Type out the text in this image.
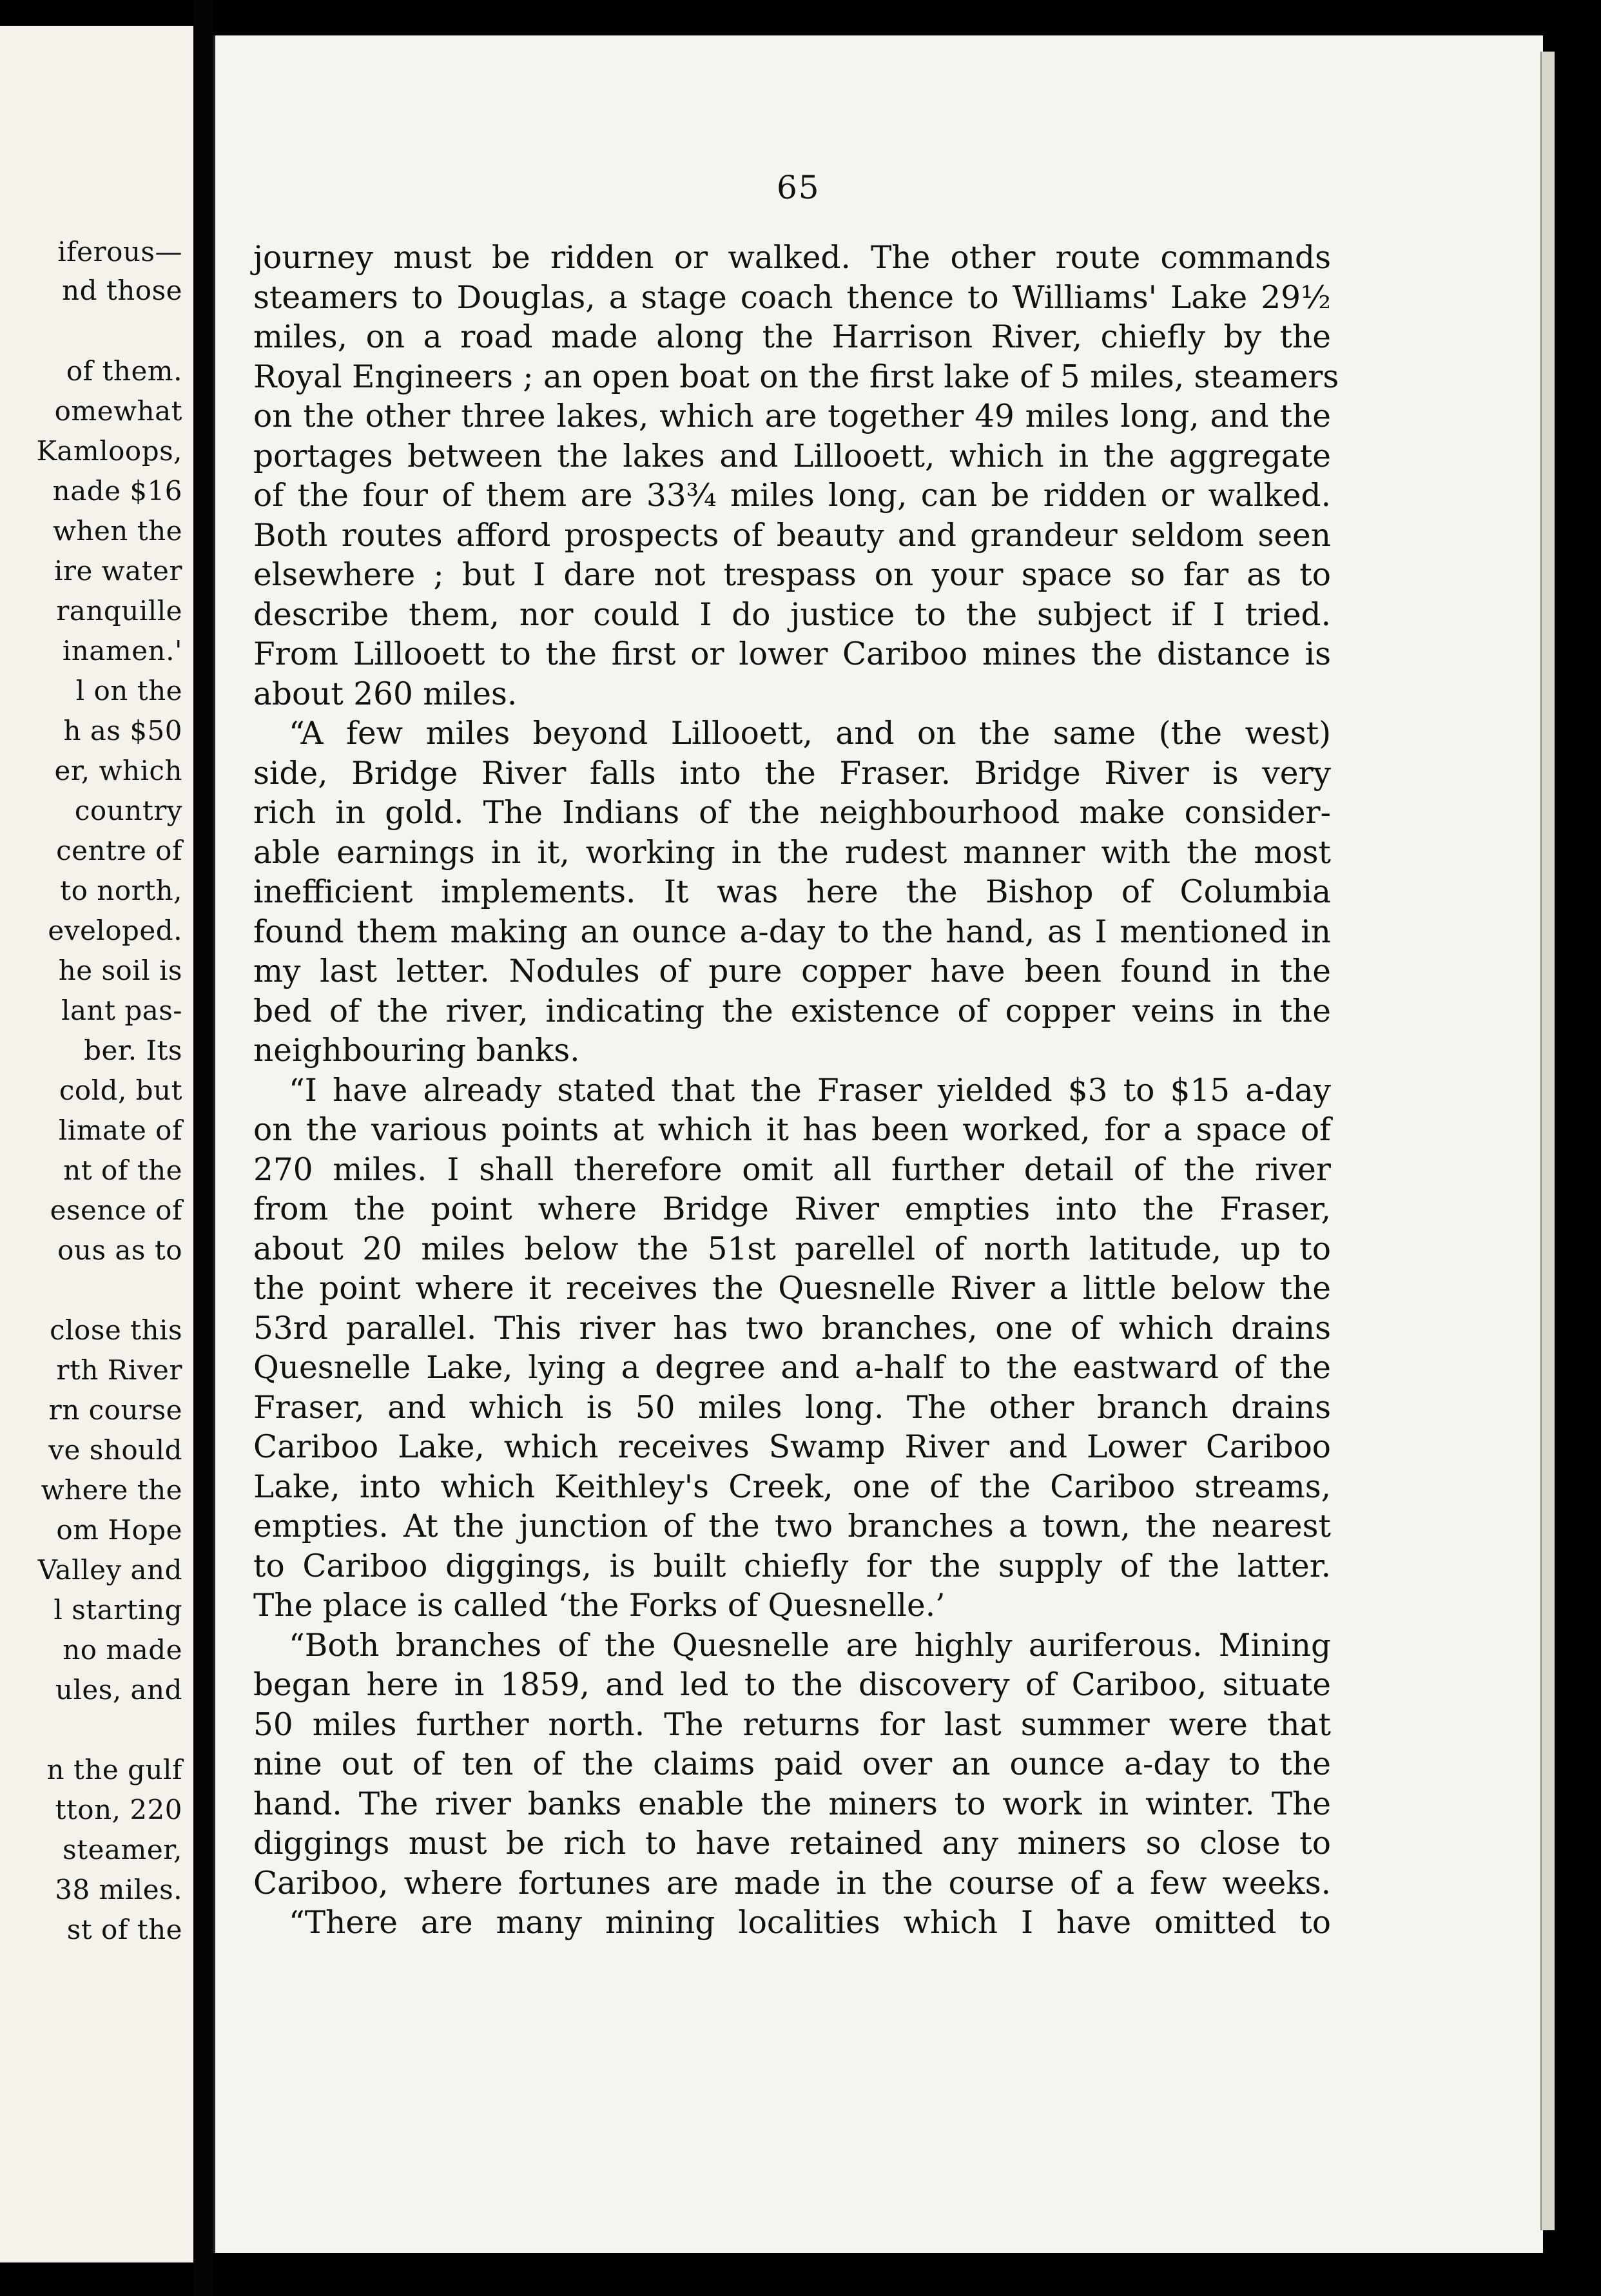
iferous—
nd those
of them.
omewhat
Kamloops,
nade $16
when the
ire water
ranquille
inamen.'
l on the
h as $50
er, which
country
centre of
to north,
eveloped.
he soil is
lant pas-
ber. Its
cold, but
limate of
nt of the
esence of
ous as to
close this
rth River
rn course
ve should
where the
om Hope
Valley and
l starting
no made
ules, and
n the gulf
tton, 220
steamer,
38 miles.
st of the
65
journey must be ridden or walked. The other route commands
steamers to Douglas, a stage coach thence to Williams' Lake 29½
miles, on a road made along the Harrison River, chiefly by the
Royal Engineers ; an open boat on the first lake of 5 miles, steamers
on the other three lakes, which are together 49 miles long, and the
portages between the lakes and Lillooett, which in the aggregate
of the four of them are 33¾ miles long, can be ridden or walked.
Both routes afford prospects of beauty and grandeur seldom seen
elsewhere ; but I dare not trespass on your space so far as to
describe them, nor could I do justice to the subject if I tried.
From Lillooett to the first or lower Cariboo mines the distance is
about 260 miles.
“A few miles beyond Lillooett, and on the same (the west)
side, Bridge River falls into the Fraser. Bridge River is very
rich in gold. The Indians of the neighbourhood make consider-
able earnings in it, working in the rudest manner with the most
inefficient implements. It was here the Bishop of Columbia
found them making an ounce a-day to the hand, as I mentioned in
my last letter. Nodules of pure copper have been found in the
bed of the river, indicating the existence of copper veins in the
neighbouring banks.
“I have already stated that the Fraser yielded $3 to $15 a-day
on the various points at which it has been worked, for a space of
270 miles. I shall therefore omit all further detail of the river
from the point where Bridge River empties into the Fraser,
about 20 miles below the 51st parellel of north latitude, up to
the point where it receives the Quesnelle River a little below the
53rd parallel. This river has two branches, one of which drains
Quesnelle Lake, lying a degree and a-half to the eastward of the
Fraser, and which is 50 miles long. The other branch drains
Cariboo Lake, which receives Swamp River and Lower Cariboo
Lake, into which Keithley's Creek, one of the Cariboo streams,
empties. At the junction of the two branches a town, the nearest
to Cariboo diggings, is built chiefly for the supply of the latter.
The place is called ‘the Forks of Quesnelle.’
“Both branches of the Quesnelle are highly auriferous. Mining
began here in 1859, and led to the discovery of Cariboo, situate
50 miles further north. The returns for last summer were that
nine out of ten of the claims paid over an ounce a-day to the
hand. The river banks enable the miners to work in winter. The
diggings must be rich to have retained any miners so close to
Cariboo, where fortunes are made in the course of a few weeks.
“There are many mining localities which I have omitted to
